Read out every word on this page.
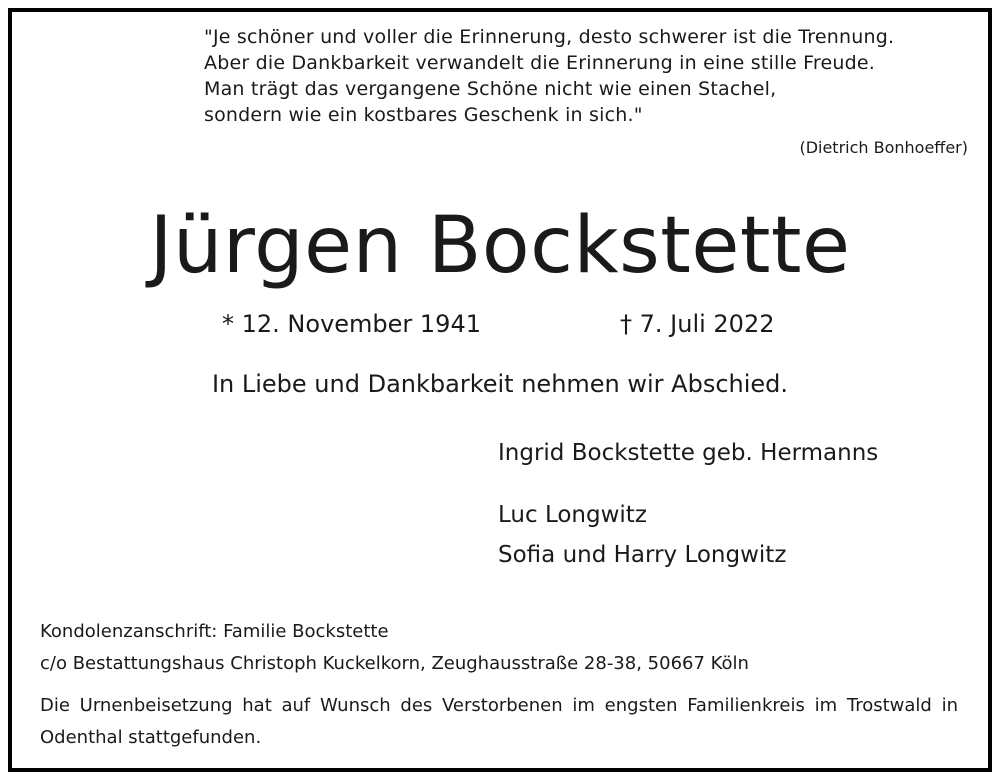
"Je schöner und voller die Erinnerung, desto schwerer ist die Trennung.
Aber die Dankbarkeit verwandelt die Erinnerung in eine stille Freude.
Man trägt das vergangene Schöne nicht wie einen Stachel,
sondern wie ein kostbares Geschenk in sich."
(Dietrich Bonhoeffer)
Jürgen Bockstette
* 12. November 1941	† 7. Juli 2022
In Liebe und Dankbarkeit nehmen wir Abschied.
Ingrid Bockstette geb. Hermanns
Luc Longwitz
Sofia und Harry Longwitz
Kondolenzanschrift: Familie Bockstette
c/o Bestattungshaus Christoph Kuckelkorn, Zeughausstraße 28-38, 50667 Köln
Die Urnenbeisetzung hat auf Wunsch des Verstorbenen im engsten Familienkreis im Trostwald in Odenthal stattgefunden.
